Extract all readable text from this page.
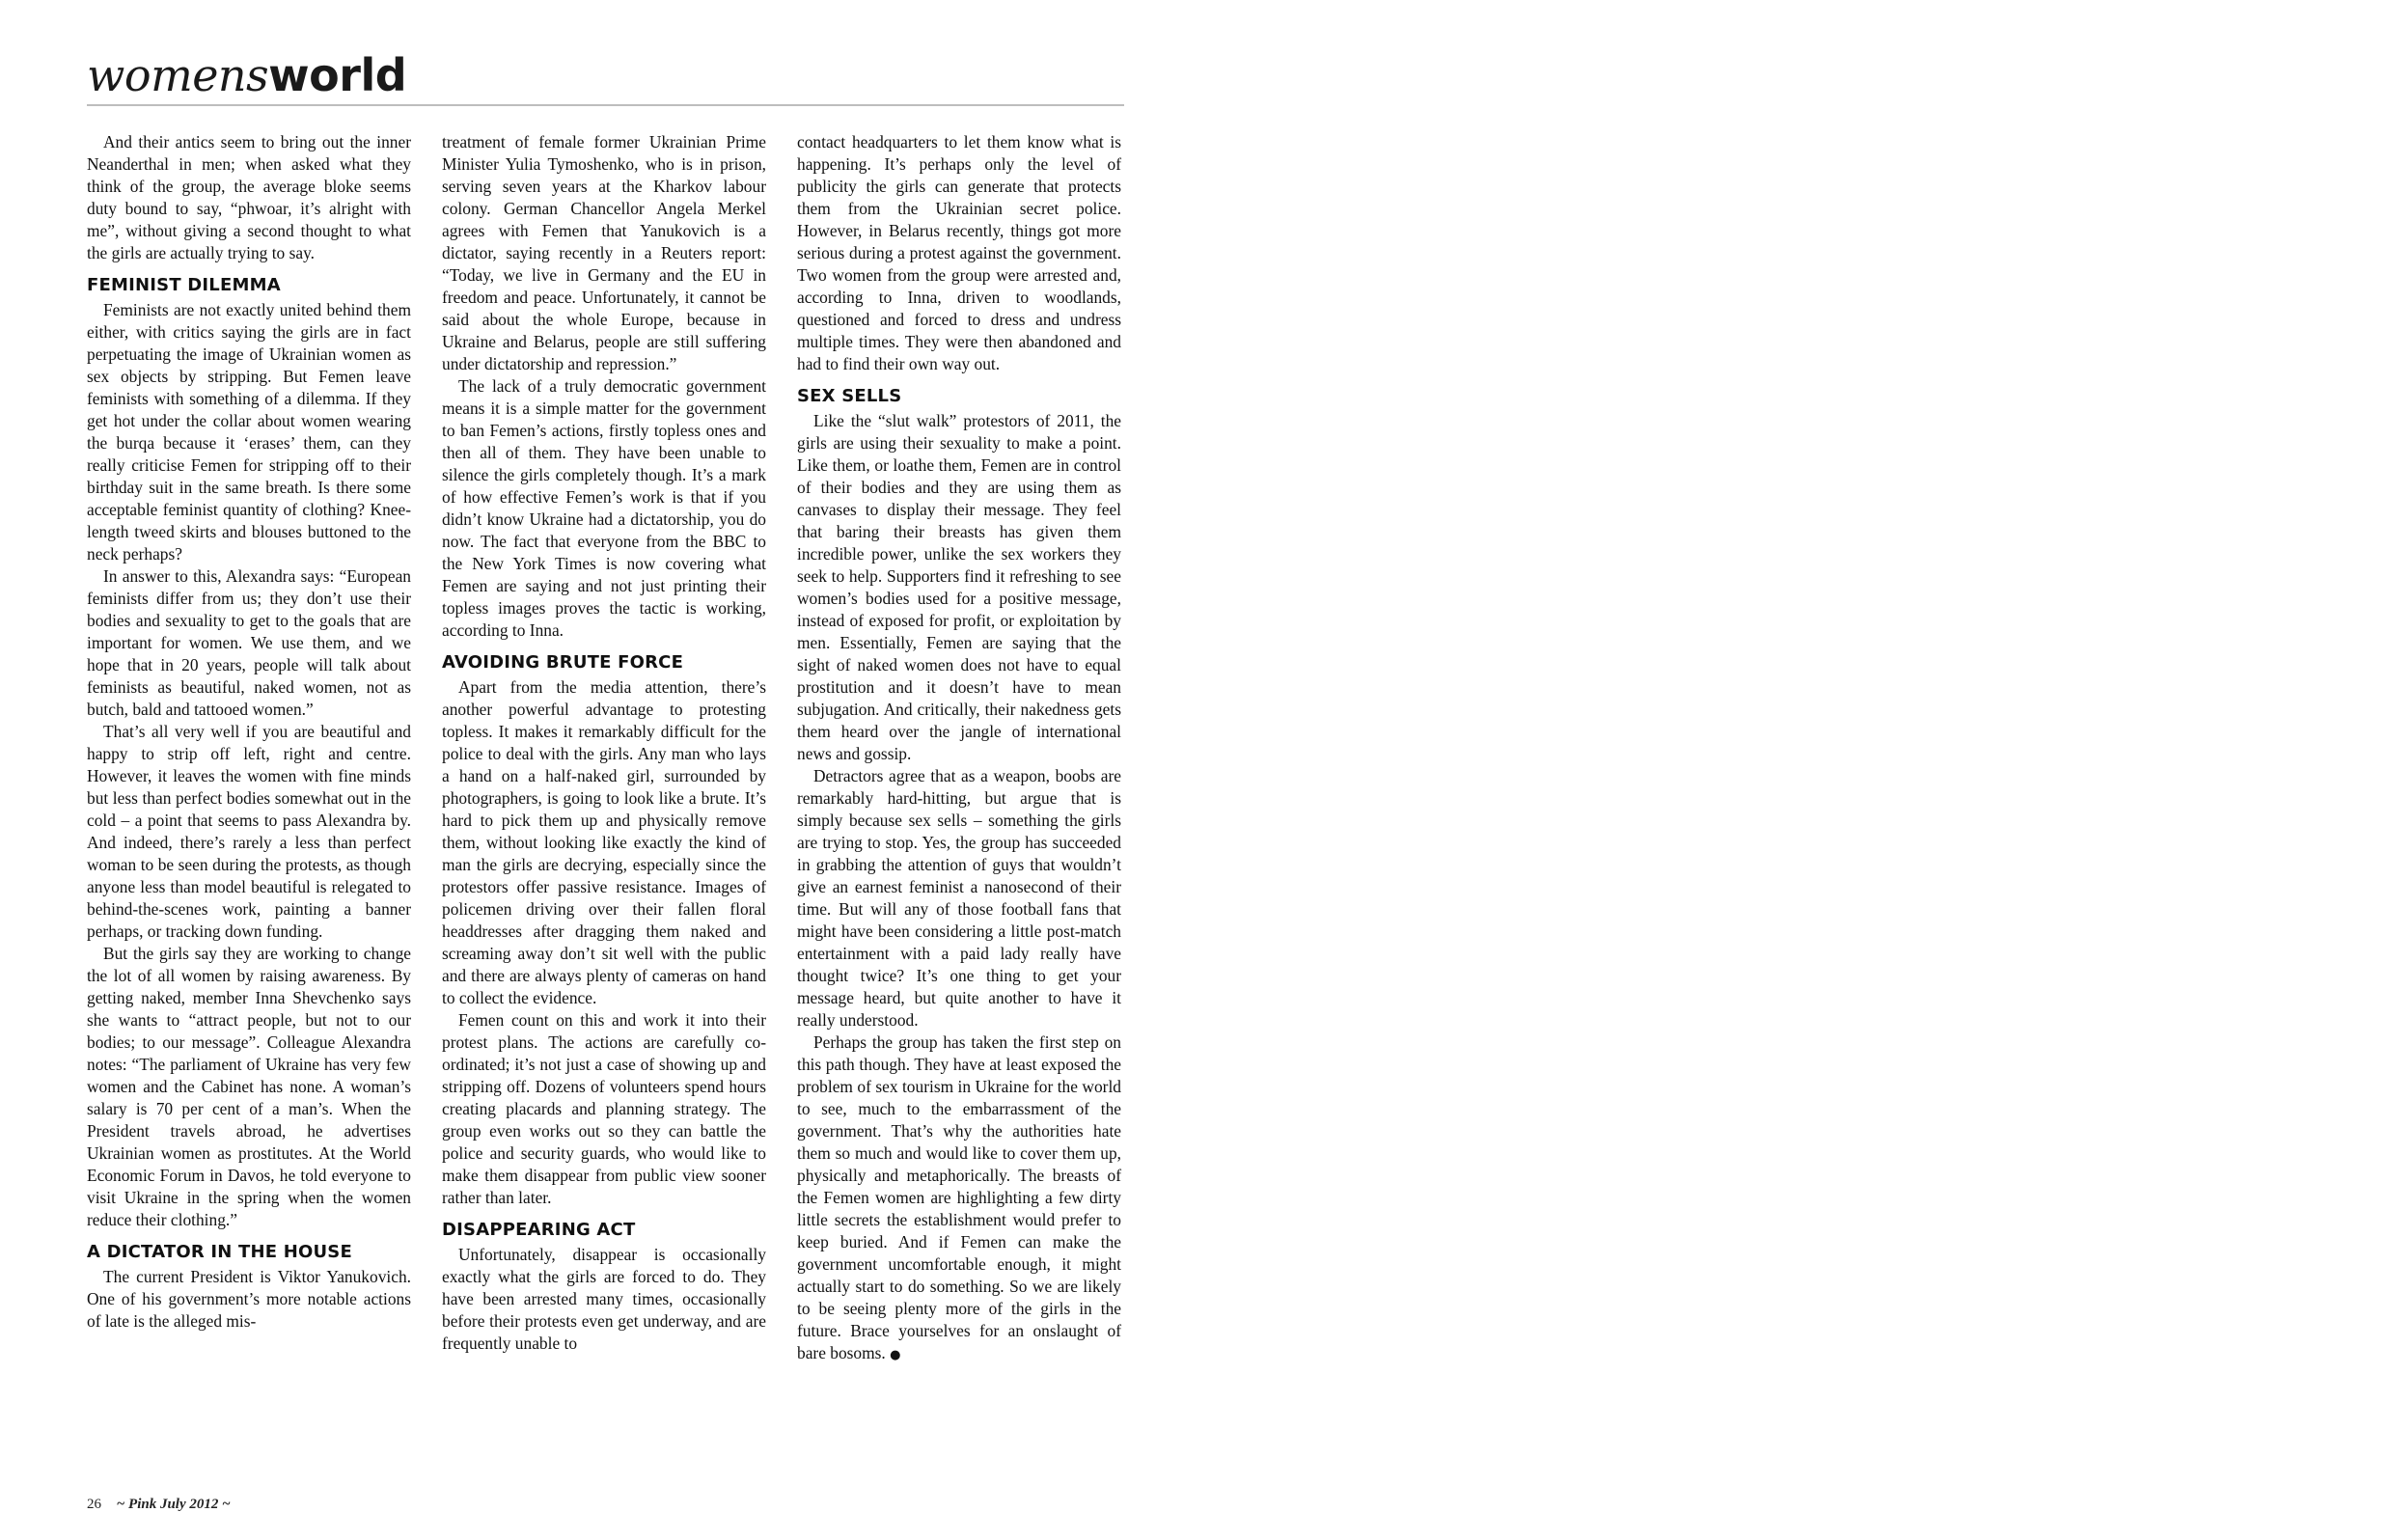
womensworld

And their antics seem to bring out the inner Neanderthal in men; when asked what they think of the group, the average bloke seems duty bound to say, “phwoar, it’s alright with me”, without giving a second thought to what the girls are actually trying to say.

FEMINIST DILEMMA

Feminists are not exactly united behind them either, with critics saying the girls are in fact perpetuating the image of Ukrainian women as sex objects by stripping. But Femen leave feminists with something of a dilemma. If they get hot under the collar about women wearing the burqa because it ‘erases’ them, can they really criticise Femen for stripping off to their birthday suit in the same breath. Is there some acceptable feminist quantity of clothing? Knee-length tweed skirts and blouses buttoned to the neck perhaps?

In answer to this, Alexandra says: “European feminists differ from us; they don’t use their bodies and sexuality to get to the goals that are important for women. We use them, and we hope that in 20 years, people will talk about feminists as beautiful, naked women, not as butch, bald and tattooed women.”

That’s all very well if you are beautiful and happy to strip off left, right and centre. However, it leaves the women with fine minds but less than perfect bodies somewhat out in the cold – a point that seems to pass Alexandra by. And indeed, there’s rarely a less than perfect woman to be seen during the protests, as though anyone less than model beautiful is relegated to behind-the-scenes work, painting a banner perhaps, or tracking down funding.

But the girls say they are working to change the lot of all women by raising awareness. By getting naked, member Inna Shevchenko says she wants to “attract people, but not to our bodies; to our message”. Colleague Alexandra notes: “The parliament of Ukraine has very few women and the Cabinet has none. A woman’s salary is 70 per cent of a man’s. When the President travels abroad, he advertises Ukrainian women as prostitutes. At the World Economic Forum in Davos, he told everyone to visit Ukraine in the spring when the women reduce their clothing.”

A DICTATOR IN THE HOUSE

The current President is Viktor Yanukovich. One of his government’s more notable actions of late is the alleged mis-

treatment of female former Ukrainian Prime Minister Yulia Tymoshenko, who is in prison, serving seven years at the Kharkov labour colony. German Chancellor Angela Merkel agrees with Femen that Yanukovich is a dictator, saying recently in a Reuters report: “Today, we live in Germany and the EU in freedom and peace. Unfortunately, it cannot be said about the whole Europe, because in Ukraine and Belarus, people are still suffering under dictatorship and repression.”

The lack of a truly democratic government means it is a simple matter for the government to ban Femen’s actions, firstly topless ones and then all of them. They have been unable to silence the girls completely though. It’s a mark of how effective Femen’s work is that if you didn’t know Ukraine had a dictatorship, you do now. The fact that everyone from the BBC to the New York Times is now covering what Femen are saying and not just printing their topless images proves the tactic is working, according to Inna.

AVOIDING BRUTE FORCE

Apart from the media attention, there’s another powerful advantage to protesting topless. It makes it remarkably difficult for the police to deal with the girls. Any man who lays a hand on a half-naked girl, surrounded by photographers, is going to look like a brute. It’s hard to pick them up and physically remove them, without looking like exactly the kind of man the girls are decrying, especially since the protestors offer passive resistance. Images of policemen driving over their fallen floral headdresses after dragging them naked and screaming away don’t sit well with the public and there are always plenty of cameras on hand to collect the evidence.

Femen count on this and work it into their protest plans. The actions are carefully co-ordinated; it’s not just a case of showing up and stripping off. Dozens of volunteers spend hours creating placards and planning strategy. The group even works out so they can battle the police and security guards, who would like to make them disappear from public view sooner rather than later.

DISAPPEARING ACT

Unfortunately, disappear is occasionally exactly what the girls are forced to do. They have been arrested many times, occasionally before their protests even get underway, and are frequently unable to

contact headquarters to let them know what is happening. It’s perhaps only the level of publicity the girls can generate that protects them from the Ukrainian secret police. However, in Belarus recently, things got more serious during a protest against the government. Two women from the group were arrested and, according to Inna, driven to woodlands, questioned and forced to dress and undress multiple times. They were then abandoned and had to find their own way out.

SEX SELLS

Like the “slut walk” protestors of 2011, the girls are using their sexuality to make a point. Like them, or loathe them, Femen are in control of their bodies and they are using them as canvases to display their message. They feel that baring their breasts has given them incredible power, unlike the sex workers they seek to help. Supporters find it refreshing to see women’s bodies used for a positive message, instead of exposed for profit, or exploitation by men. Essentially, Femen are saying that the sight of naked women does not have to equal prostitution and it doesn’t have to mean subjugation. And critically, their nakedness gets them heard over the jangle of international news and gossip.

Detractors agree that as a weapon, boobs are remarkably hard-hitting, but argue that is simply because sex sells – something the girls are trying to stop. Yes, the group has succeeded in grabbing the attention of guys that wouldn’t give an earnest feminist a nanosecond of their time. But will any of those football fans that might have been considering a little post-match entertainment with a paid lady really have thought twice? It’s one thing to get your message heard, but quite another to have it really understood.

Perhaps the group has taken the first step on this path though. They have at least exposed the problem of sex tourism in Ukraine for the world to see, much to the embarrassment of the government. That’s why the authorities hate them so much and would like to cover them up, physically and metaphorically. The breasts of the Femen women are highlighting a few dirty little secrets the establishment would prefer to keep buried. And if Femen can make the government uncomfortable enough, it might actually start to do something. So we are likely to be seeing plenty more of the girls in the future. Brace yourselves for an onslaught of bare bosoms. ●

26 ~ Pink July 2012 ~
